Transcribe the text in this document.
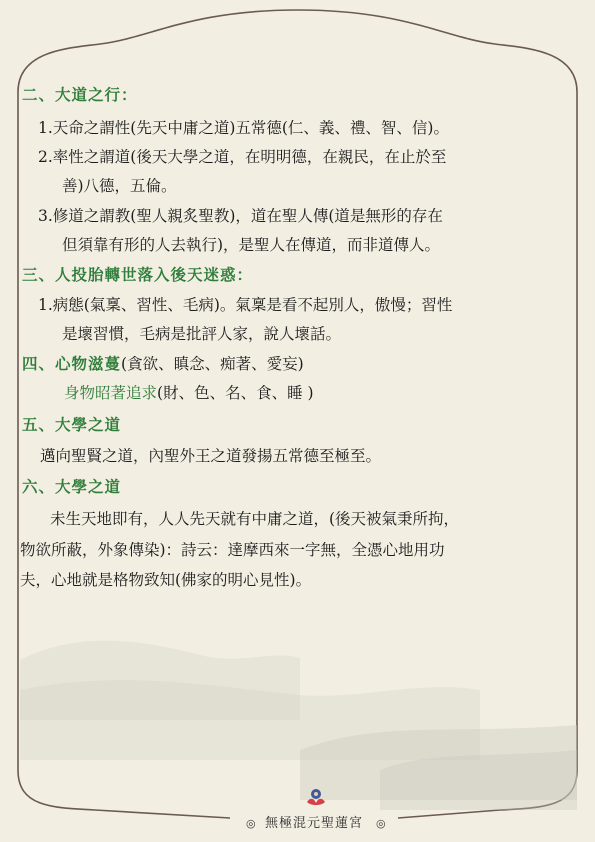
二、大道之行：
1.天命之謂性(先天中庸之道)五常德(仁、義、禮、智、信)。
2.率性之謂道(後天大學之道，在明明德，在親民，在止於至
善)八德，五倫。
3.修道之謂教(聖人親炙聖教)，道在聖人傳(道是無形的存在
但須靠有形的人去執行)，是聖人在傳道，而非道傳人。
三、人投胎轉世落入後天迷惑：
1.病態(氣稟、習性、毛病)。氣稟是看不起別人，傲慢；習性
是壞習慣，毛病是批評人家，說人壞話。
四、心物滋蔓(貪欲、瞋念、痴著、愛妄)
身物昭著追求(財、色、名、食、睡 )
五、大學之道
邁向聖賢之道，內聖外王之道發揚五常德至極至。
六、大學之道
未生天地即有，人人先天就有中庸之道，(後天被氣秉所拘，
物欲所蔽，外象傳染)：詩云：達摩西來一字無，全憑心地用功
夫，心地就是格物致知(佛家的明心見性)。
◎ 無極混元聖蓮宮	◎
